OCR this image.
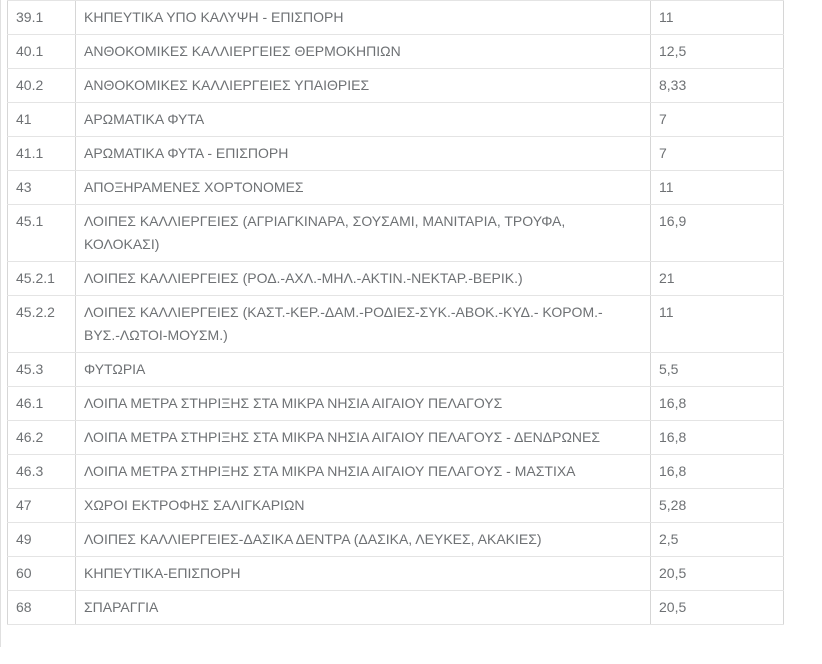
39.1	ΚΗΠΕΥΤΙΚΑ ΥΠΟ ΚΑΛΥΨΗ - ΕΠΙΣΠΟΡΗ	11
40.1	ΑΝΘΟΚΟΜΙΚΕΣ ΚΑΛΛΙΕΡΓΕΙΕΣ ΘΕΡΜΟΚΗΠΙΩΝ	12,5
40.2	ΑΝΘΟΚΟΜΙΚΕΣ ΚΑΛΛΙΕΡΓΕΙΕΣ ΥΠΑΙΘΡΙΕΣ	8,33
41	ΑΡΩΜΑΤΙΚΑ ΦΥΤΑ	7
41.1	ΑΡΩΜΑΤΙΚΑ ΦΥΤΑ - ΕΠΙΣΠΟΡΗ	7
43	ΑΠΟΞΗΡΑΜΕΝΕΣ ΧΟΡΤΟΝΟΜΕΣ	11
45.1	ΛΟΙΠΕΣ ΚΑΛΛΙΕΡΓΕΙΕΣ (ΑΓΡΙΑΓΚΙΝΑΡΑ, ΣΟΥΣΑΜΙ, ΜΑΝΙΤΑΡΙΑ, ΤΡΟΥΦΑ, ΚΟΛΟΚΑΣΙ)	16,9
45.2.1	ΛΟΙΠΕΣ ΚΑΛΛΙΕΡΓΕΙΕΣ (ΡΟΔ.-ΑΧΛ.-ΜΗΛ.-ΑΚΤΙΝ.-ΝΕΚΤΑΡ.-ΒΕΡΙΚ.)	21
45.2.2	ΛΟΙΠΕΣ ΚΑΛΛΙΕΡΓΕΙΕΣ (ΚΑΣΤ.-ΚΕΡ.-ΔΑΜ.-ΡΟΔΙΕΣ-ΣΥΚ.-ΑΒΟΚ.-ΚΥΔ.- ΚΟΡΟΜ.- ΒΥΣ.-ΛΩΤΟΙ-ΜΟΥΣΜ.)	11
45.3	ΦΥΤΩΡΙΑ	5,5
46.1	ΛΟΙΠΑ ΜΕΤΡΑ ΣΤΗΡΙΞΗΣ ΣΤΑ ΜΙΚΡΑ ΝΗΣΙΑ ΑΙΓΑΙΟΥ ΠΕΛΑΓΟΥΣ	16,8
46.2	ΛΟΙΠΑ ΜΕΤΡΑ ΣΤΗΡΙΞΗΣ ΣΤΑ ΜΙΚΡΑ ΝΗΣΙΑ ΑΙΓΑΙΟΥ ΠΕΛΑΓΟΥΣ - ΔΕΝΔΡΩΝΕΣ	16,8
46.3	ΛΟΙΠΑ ΜΕΤΡΑ ΣΤΗΡΙΞΗΣ ΣΤΑ ΜΙΚΡΑ ΝΗΣΙΑ ΑΙΓΑΙΟΥ ΠΕΛΑΓΟΥΣ - ΜΑΣΤΙΧΑ	16,8
47	ΧΩΡΟΙ ΕΚΤΡΟΦΗΣ ΣΑΛΙΓΚΑΡΙΩΝ	5,28
49	ΛΟΙΠΕΣ ΚΑΛΛΙΕΡΓΕΙΕΣ-ΔΑΣΙΚΑ ΔΕΝΤΡΑ (ΔΑΣΙΚΑ, ΛΕΥΚΕΣ, ΑΚΑΚΙΕΣ)	2,5
60	ΚΗΠΕΥΤΙΚΑ-ΕΠΙΣΠΟΡΗ	20,5
68	ΣΠΑΡΑΓΓΙΑ	20,5
